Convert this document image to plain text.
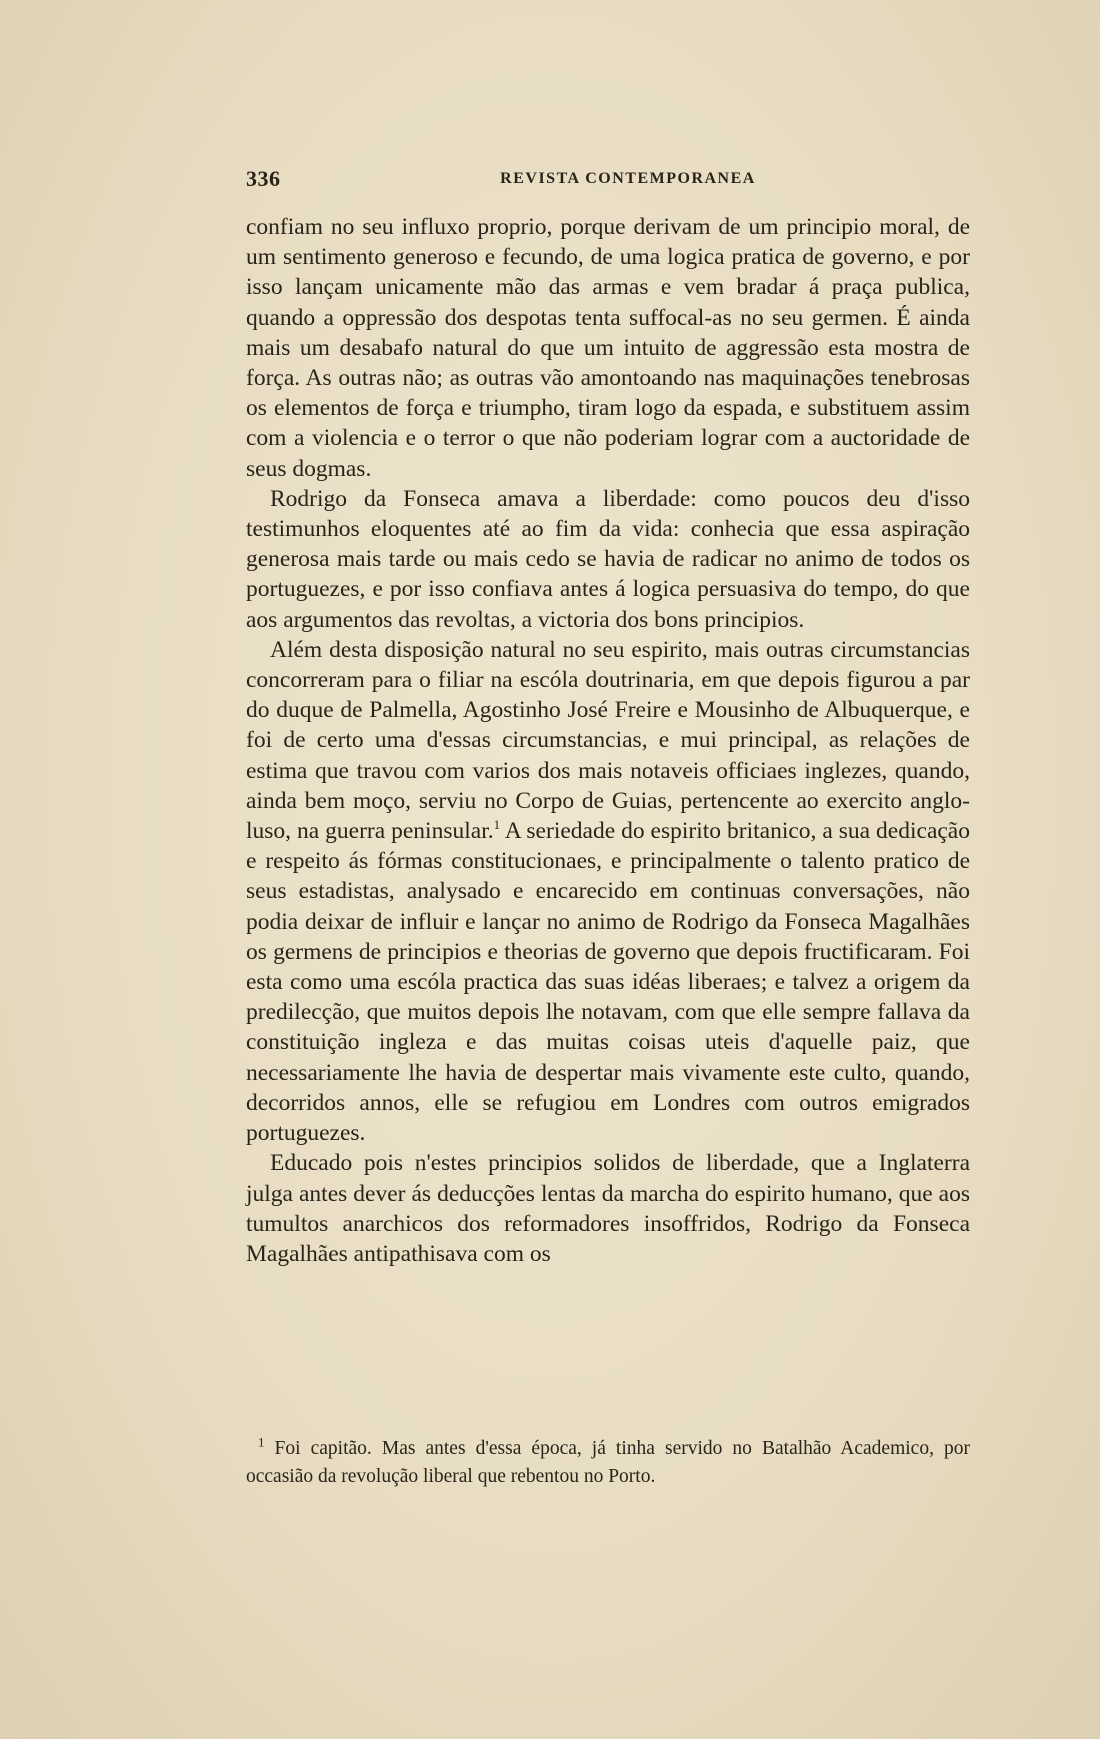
336	REVISTA CONTEMPORANEA

confiam no seu influxo proprio, porque derivam de um principio moral, de um sentimento generoso e fecundo, de uma logica pratica de governo, e por isso lançam unicamente mão das armas e vem bradar á praça publica, quando a oppressão dos despotas tenta suffocal-as no seu germen. É ainda mais um desabafo natural do que um intuito de aggressão esta mostra de força. As outras não; as outras vão amontoando nas maquinações tenebrosas os elementos de força e triumpho, tiram logo da espada, e substituem assim com a violencia e o terror o que não poderiam lograr com a auctoridade de seus dogmas.

Rodrigo da Fonseca amava a liberdade: como poucos deu d'isso testimunhos eloquentes até ao fim da vida: conhecia que essa aspiração generosa mais tarde ou mais cedo se havia de radicar no animo de todos os portuguezes, e por isso confiava antes á logica persuasiva do tempo, do que aos argumentos das revoltas, a victoria dos bons principios.

Além desta disposição natural no seu espirito, mais outras circumstancias concorreram para o filiar na escóla doutrinaria, em que depois figurou a par do duque de Palmella, Agostinho José Freire e Mousinho de Albuquerque, e foi de certo uma d'essas circumstancias, e mui principal, as relações de estima que travou com varios dos mais notaveis officiaes inglezes, quando, ainda bem moço, serviu no Corpo de Guias, pertencente ao exercito anglo-luso, na guerra peninsular.$^1$ A seriedade do espirito britanico, a sua dedicação e respeito ás fórmas constitucionaes, e principalmente o talento pratico de seus estadistas, analysado e encarecido em continuas conversações, não podia deixar de influir e lançar no animo de Rodrigo da Fonseca Magalhães os germens de principios e theorias de governo que depois fructificaram. Foi esta como uma escóla practica das suas idéas liberaes; e talvez a origem da predilecção, que muitos depois lhe notavam, com que elle sempre fallava da constituição ingleza e das muitas coisas uteis d'aquelle paiz, que necessariamente lhe havia de despertar mais vivamente este culto, quando, decorridos annos, elle se refugiou em Londres com outros emigrados portuguezes.

Educado pois n'estes principios solidos de liberdade, que a Inglaterra julga antes dever ás deducções lentas da marcha do espirito humano, que aos tumultos anarchicos dos reformadores insoffridos, Rodrigo da Fonseca Magalhães antipathisava com os

$^1$ Foi capitão. Mas antes d'essa época, já tinha servido no Batalhão Academico, por occasião da revolução liberal que rebentou no Porto.
